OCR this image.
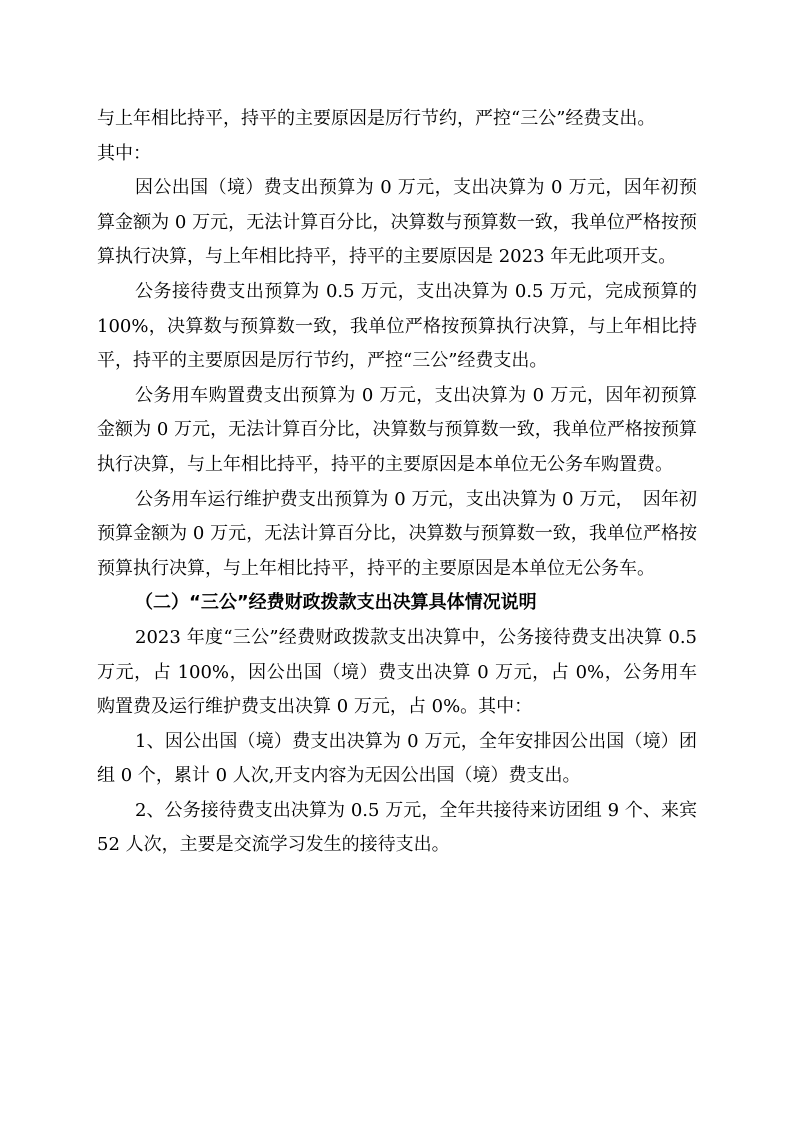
与上年相比持平，持平的主要原因是厉行节约，严控“三公”经费支出。

其中：

因公出国（境）费支出预算为 0 万元，支出决算为 0 万元，因年初预算金额为 0 万元，无法计算百分比，决算数与预算数一致，我单位严格按预算执行决算，与上年相比持平，持平的主要原因是 2023 年无此项开支。

公务接待费支出预算为 0.5 万元，支出决算为 0.5 万元，完成预算的 100%，决算数与预算数一致，我单位严格按预算执行决算，与上年相比持平，持平的主要原因是厉行节约，严控“三公”经费支出。

公务用车购置费支出预算为 0 万元，支出决算为 0 万元，因年初预算金额为 0 万元，无法计算百分比，决算数与预算数一致，我单位严格按预算执行决算，与上年相比持平，持平的主要原因是本单位无公务车购置费。

公务用车运行维护费支出预算为 0 万元，支出决算为 0 万元，　因年初预算金额为 0 万元，无法计算百分比，决算数与预算数一致，我单位严格按预算执行决算，与上年相比持平，持平的主要原因是本单位无公务车。

（二）“三公”经费财政拨款支出决算具体情况说明

2023 年度“三公”经费财政拨款支出决算中，公务接待费支出决算 0.5 万元，占 100%，因公出国（境）费支出决算 0 万元，占 0%，公务用车购置费及运行维护费支出决算 0 万元，占 0%。其中：

1、因公出国（境）费支出决算为 0 万元，全年安排因公出国（境）团组 0 个，累计 0 人次,开支内容为无因公出国（境）费支出。

2、公务接待费支出决算为 0.5 万元，全年共接待来访团组 9 个、来宾 52 人次，主要是交流学习发生的接待支出。
